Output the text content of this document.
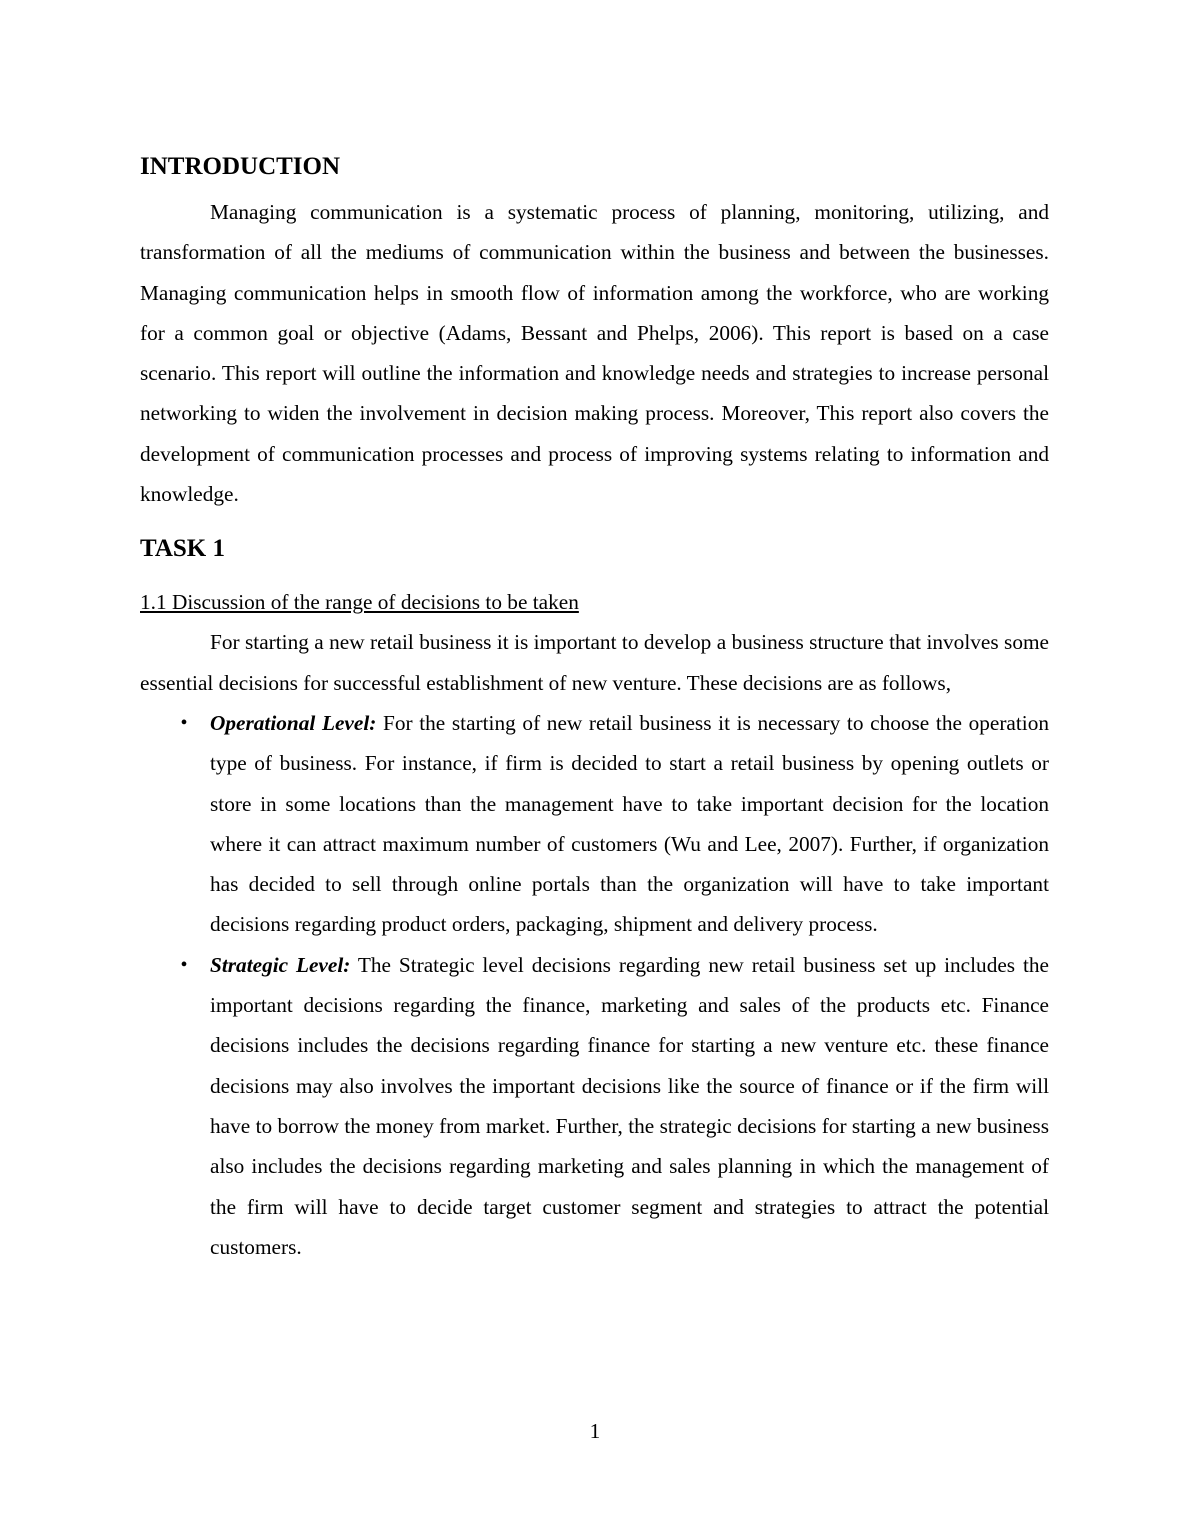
INTRODUCTION

Managing communication is a systematic process of planning, monitoring, utilizing, and transformation of all the mediums of communication within the business and between the businesses. Managing communication helps in smooth flow of information among the workforce, who are working for a common goal or objective (Adams, Bessant and Phelps, 2006). This report is based on a case scenario. This report will outline the information and knowledge needs and strategies to increase personal networking to widen the involvement in decision making process. Moreover, This report also covers the development of communication processes and process of improving systems relating to information and knowledge.

TASK 1
1.1 Discussion of the range of decisions to be taken

For starting a new retail business it is important to develop a business structure that involves some essential decisions for successful establishment of new venture. These decisions are as follows,

•	Operational Level: For the starting of new retail business it is necessary to choose the operation type of business. For instance, if firm is decided to start a retail business by opening outlets or store in some locations than the management have to take important decision for the location where it can attract maximum number of customers (Wu and Lee, 2007). Further, if organization has decided to sell through online portals than the organization will have to take important decisions regarding product orders, packaging, shipment and delivery process.
•	Strategic Level: The Strategic level decisions regarding new retail business set up includes the important decisions regarding the finance, marketing and sales of the products etc. Finance decisions includes the decisions regarding finance for starting a new venture etc. these finance decisions may also involves the important decisions like the source of finance or if the firm will have to borrow the money from market. Further, the strategic decisions for starting a new business also includes the decisions regarding marketing and sales planning in which the management of the firm will have to decide target customer segment and strategies to attract the potential customers.
1
